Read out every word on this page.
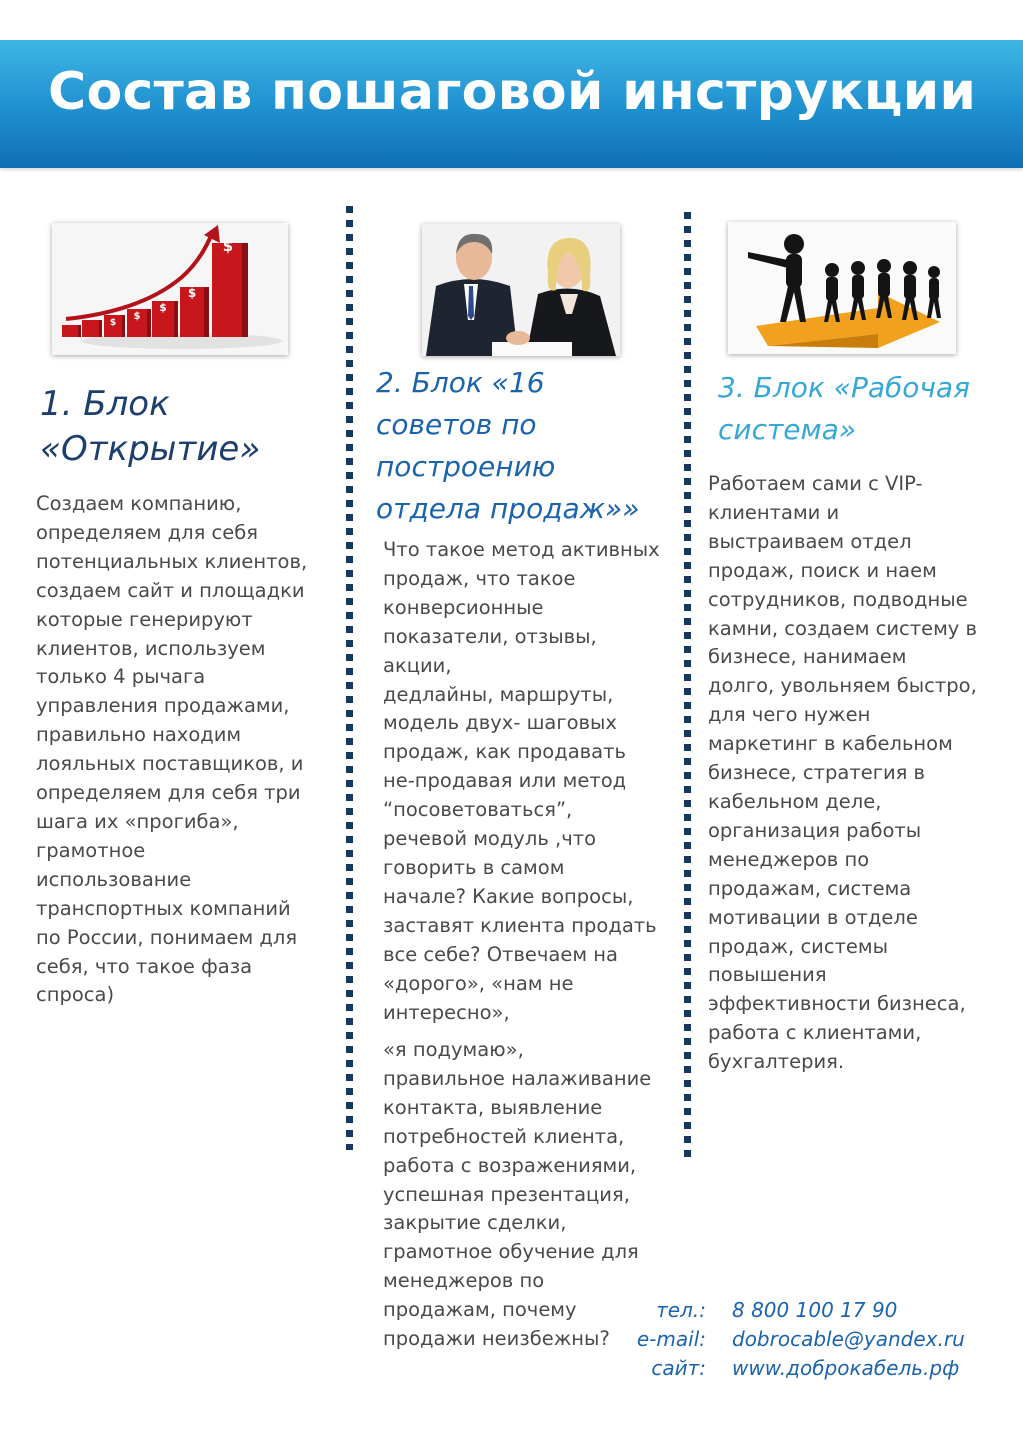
Состав пошаговой инструкции
$
$
$
$
$
1. Блок «Открытие»
2. Блок «16 советов по построению отдела продаж»»
3. Блок «Рабочая система»

Создаем компанию,
определяем для себя
потенциальных клиентов,
создаем сайт и площадки
которые генерируют
клиентов, используем
только 4 рычага
управления продажами,
правильно находим
лояльных поставщиков, и
определяем для себя три
шага их «прогиба»,
грамотное
использование
транспортных компаний
по России, понимаем для
себя, что такое фаза
спроса)

Что такое метод активных
продаж, что такое
конверсионные
показатели, отзывы,
акции,
дедлайны, маршруты,
модель двух- шаговых
продаж, как продавать
не-продавая или метод
“посоветоваться”,
речевой модуль ,что
говорить в самом
начале? Какие вопросы,
заставят клиента продать
все себе? Отвечаем на
«дорого», «нам не
интересно»,

«я подумаю»,
правильное налаживание
контакта, выявление
потребностей клиента,
работа с возражениями,
успешная презентация,
закрытие сделки,
грамотное обучение для
менеджеров по
продажам, почему
продажи неизбежны?

Работаем сами с VIP-
клиентами и
выстраиваем отдел
продаж, поиск и наем
сотрудников, подводные
камни, создаем систему в
бизнесе, нанимаем
долго, увольняем быстро,
для чего нужен
маркетинг в кабельном
бизнесе, стратегия в
кабельном деле,
организация работы
менеджеров по
продажам, система
мотивации в отделе
продаж, системы
повышения
эффективности бизнеса,
работа с клиентами,
бухгалтерия.

тел.:	8 800 100 17 90
e-mail:	dobrocable@yandex.ru
сайт:	www.доброкабель.рф
